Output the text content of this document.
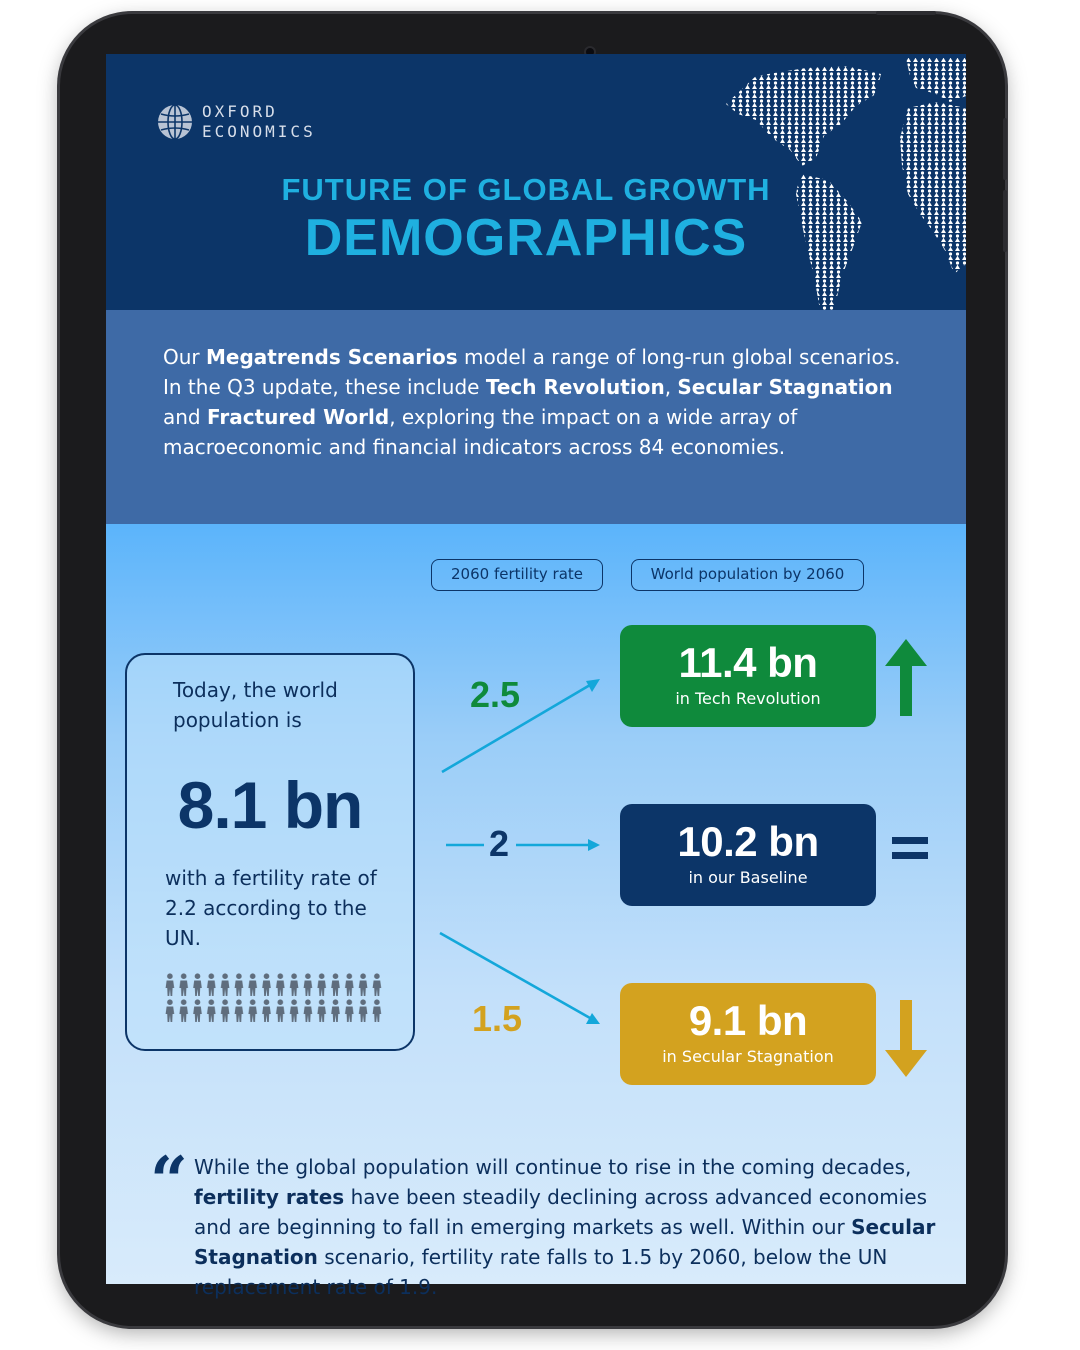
OXFORD
ECONOMICS
FUTURE OF GLOBAL GROWTH
DEMOGRAPHICS

Our Megatrends Scenarios model a range of long-run global scenarios. In the Q3 update, these include Tech Revolution, Secular Stagnation and Fractured World, exploring the impact on a wide array of macroeconomic and financial indicators across 84 economies.

2060 fertility rate	World population by 2060
Today, the world population is
8.1 bn
with a fertility rate of 2.2 according to the UN.
2.5
2
1.5
11.4 bn
in Tech Revolution
10.2 bn
in our Baseline
9.1 bn
in Secular Stagnation
“ While the global population will continue to rise in the coming decades, fertility rates have been steadily declining across advanced economies and are beginning to fall in emerging markets as well. Within our Secular Stagnation scenario, fertility rate falls to 1.5 by 2060, below the UN replacement rate of 1.9.
